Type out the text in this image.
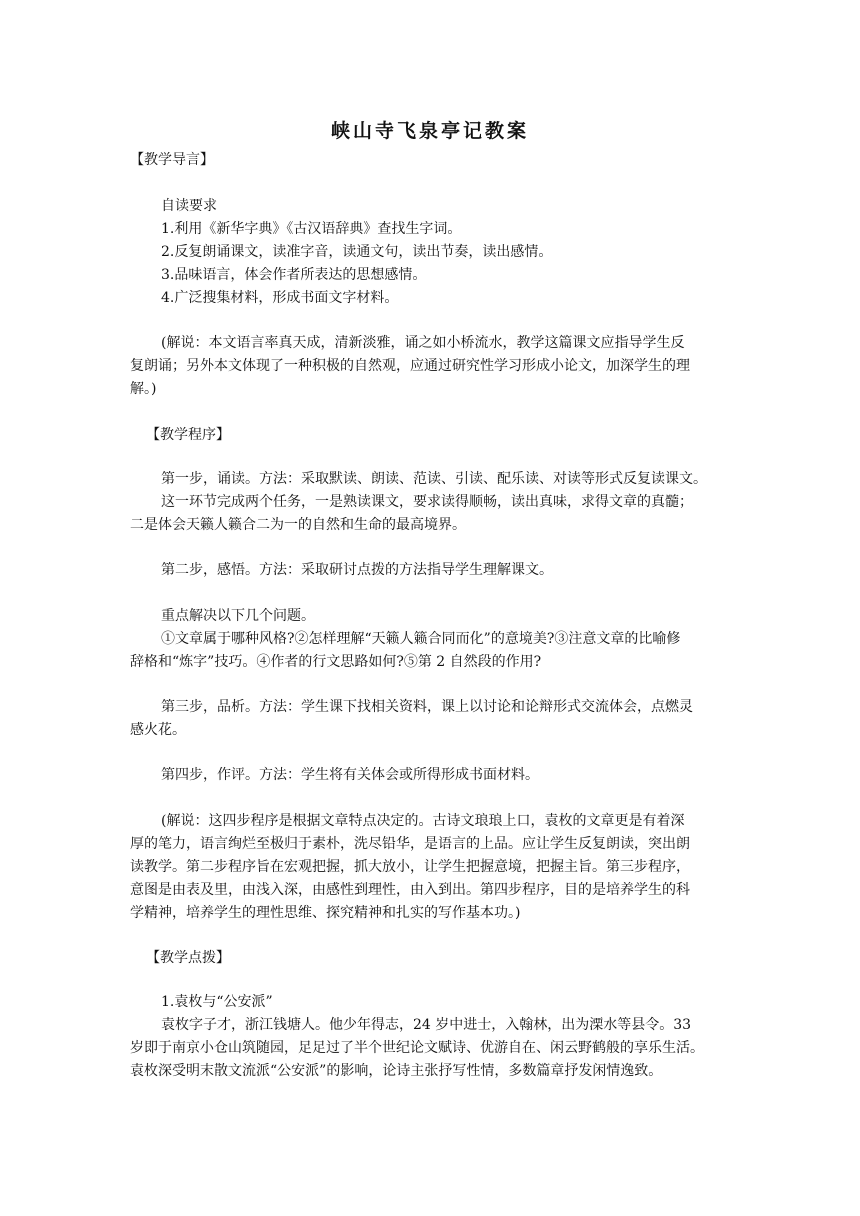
峡山寺飞泉亭记教案
【教学导言】
自读要求
1.利用《新华字典》《古汉语辞典》查找生字词。
2.反复朗诵课文，读准字音，读通文句，读出节奏，读出感情。
3.品味语言，体会作者所表达的思想感情。
4.广泛搜集材料，形成书面文字材料。
(解说：本文语言率真天成，清新淡雅，诵之如小桥流水，教学这篇课文应指导学生反
复朗诵；另外本文体现了一种积极的自然观，应通过研究性学习形成小论文，加深学生的理
解。)
【教学程序】
第一步，诵读。方法：采取默读、朗读、范读、引读、配乐读、对读等形式反复读课文。
这一环节完成两个任务，一是熟读课文，要求读得顺畅，读出真味，求得文章的真髓；
二是体会天籁人籁合二为一的自然和生命的最高境界。
第二步，感悟。方法：采取研讨点拨的方法指导学生理解课文。
重点解决以下几个问题。
①文章属于哪种风格?②怎样理解“天籁人籁合同而化”的意境美?③注意文章的比喻修
辞格和“炼字”技巧。④作者的行文思路如何?⑤第 2 自然段的作用?
第三步，品析。方法：学生课下找相关资料，课上以讨论和论辩形式交流体会，点燃灵
感火花。
第四步，作评。方法：学生将有关体会或所得形成书面材料。
(解说：这四步程序是根据文章特点决定的。古诗文琅琅上口，袁枚的文章更是有着深
厚的笔力，语言绚烂至极归于素朴，洗尽铅华，是语言的上品。应让学生反复朗读，突出朗
读教学。第二步程序旨在宏观把握，抓大放小，让学生把握意境，把握主旨。第三步程序，
意图是由表及里，由浅入深，由感性到理性，由入到出。第四步程序，目的是培养学生的科
学精神，培养学生的理性思维、探究精神和扎实的写作基本功。)
【教学点拨】
1.袁枚与“公安派”
袁枚字子才，浙江钱塘人。他少年得志，24 岁中进士，入翰林，出为溧水等县令。33
岁即于南京小仓山筑随园，足足过了半个世纪论文赋诗、优游自在、闲云野鹤般的享乐生活。
袁枚深受明末散文流派“公安派”的影响，论诗主张抒写性情，多数篇章抒发闲情逸致。
